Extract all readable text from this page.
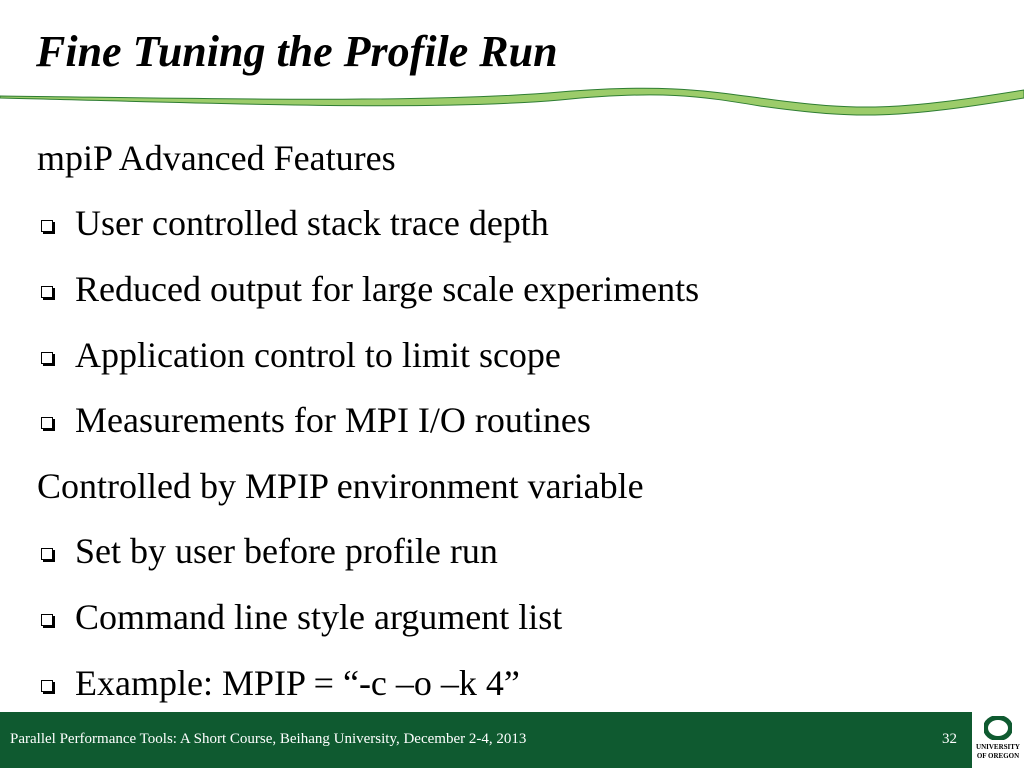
Fine Tuning the Profile Run
mpiP Advanced Features
User controlled stack trace depth
Reduced output for large scale experiments
Application control to limit scope
Measurements for MPI I/O routines
Controlled by MPIP environment variable
Set by user before profile run
Command line style argument list
Example: MPIP = “-c –o –k 4”
Parallel Performance Tools: A Short Course, Beihang University, December 2-4, 2013	32	UNIVERSITY
OF OREGON
